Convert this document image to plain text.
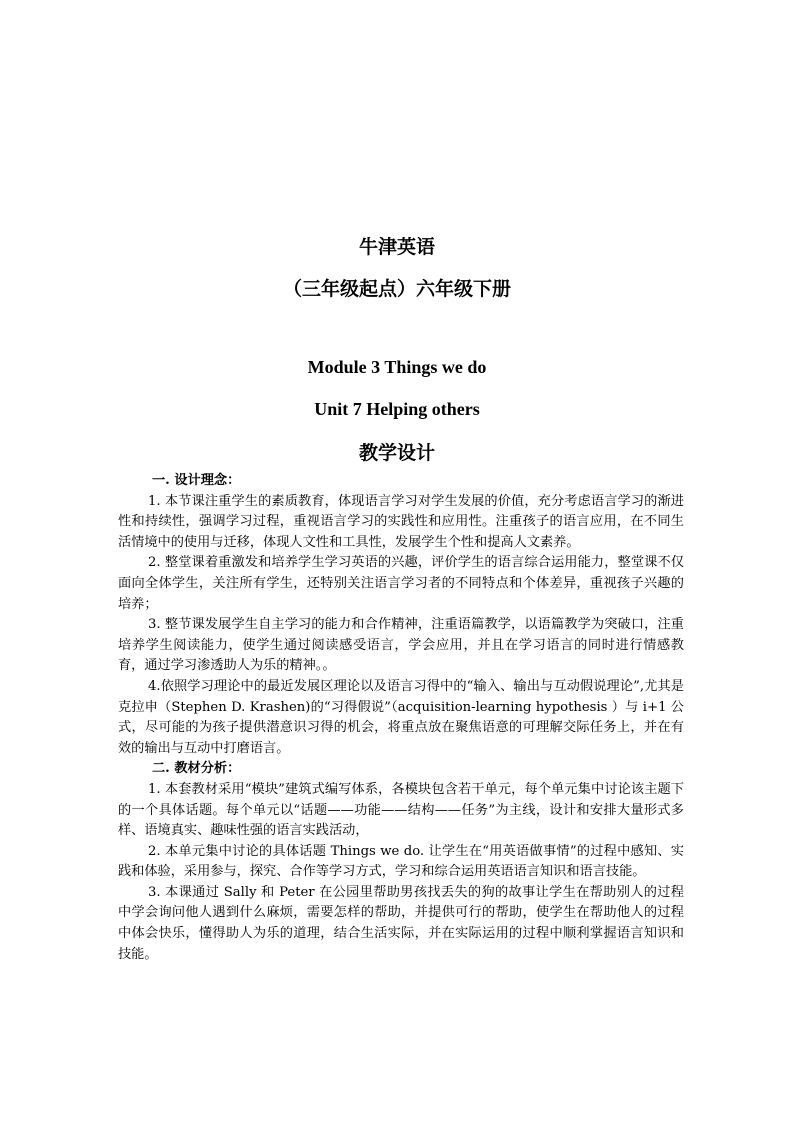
牛津英语
（三年级起点）六年级下册
Module 3 Things we do
Unit 7 Helping others
教学设计

一. 设计理念：

1. 本节课注重学生的素质教育，体现语言学习对学生发展的价值，充分考虑语言学习的渐进性和持续性，强调学习过程，重视语言学习的实践性和应用性。注重孩子的语言应用，在不同生活情境中的使用与迁移，体现人文性和工具性，发展学生个性和提高人文素养。

2. 整堂课着重激发和培养学生学习英语的兴趣，评价学生的语言综合运用能力，整堂课不仅面向全体学生，关注所有学生，还特别关注语言学习者的不同特点和个体差异，重视孩子兴趣的培养；

3. 整节课发展学生自主学习的能力和合作精神，注重语篇教学，以语篇教学为突破口，注重培养学生阅读能力，使学生通过阅读感受语言，学会应用，并且在学习语言的同时进行情感教育，通过学习渗透助人为乐的精神。。

4.依照学习理论中的最近发展区理论以及语言习得中的“输入、输出与互动假说理论”,尤其是克拉申（Stephen D. Krashen)的“习得假说”（acquisition-learning hypothesis ）与 i+1 公式，尽可能的为孩子提供潜意识习得的机会，将重点放在聚焦语意的可理解交际任务上，并在有效的输出与互动中打磨语言。

二. 教材分析：

1. 本套教材采用“模块”建筑式编写体系，各模块包含若干单元，每个单元集中讨论该主题下的一个具体话题。每个单元以“话题——功能——结构——任务”为主线，设计和安排大量形式多样、语境真实、趣味性强的语言实践活动，

2. 本单元集中讨论的具体话题 Things we do. 让学生在“用英语做事情”的过程中感知、实践和体验，采用参与，探究、合作等学习方式，学习和综合运用英语语言知识和语言技能。

3. 本课通过 Sally 和 Peter 在公园里帮助男孩找丢失的狗的故事让学生在帮助别人的过程中学会询问他人遇到什么麻烦，需要怎样的帮助，并提供可行的帮助，使学生在帮助他人的过程中体会快乐，懂得助人为乐的道理，结合生活实际，并在实际运用的过程中顺利掌握语言知识和技能。
